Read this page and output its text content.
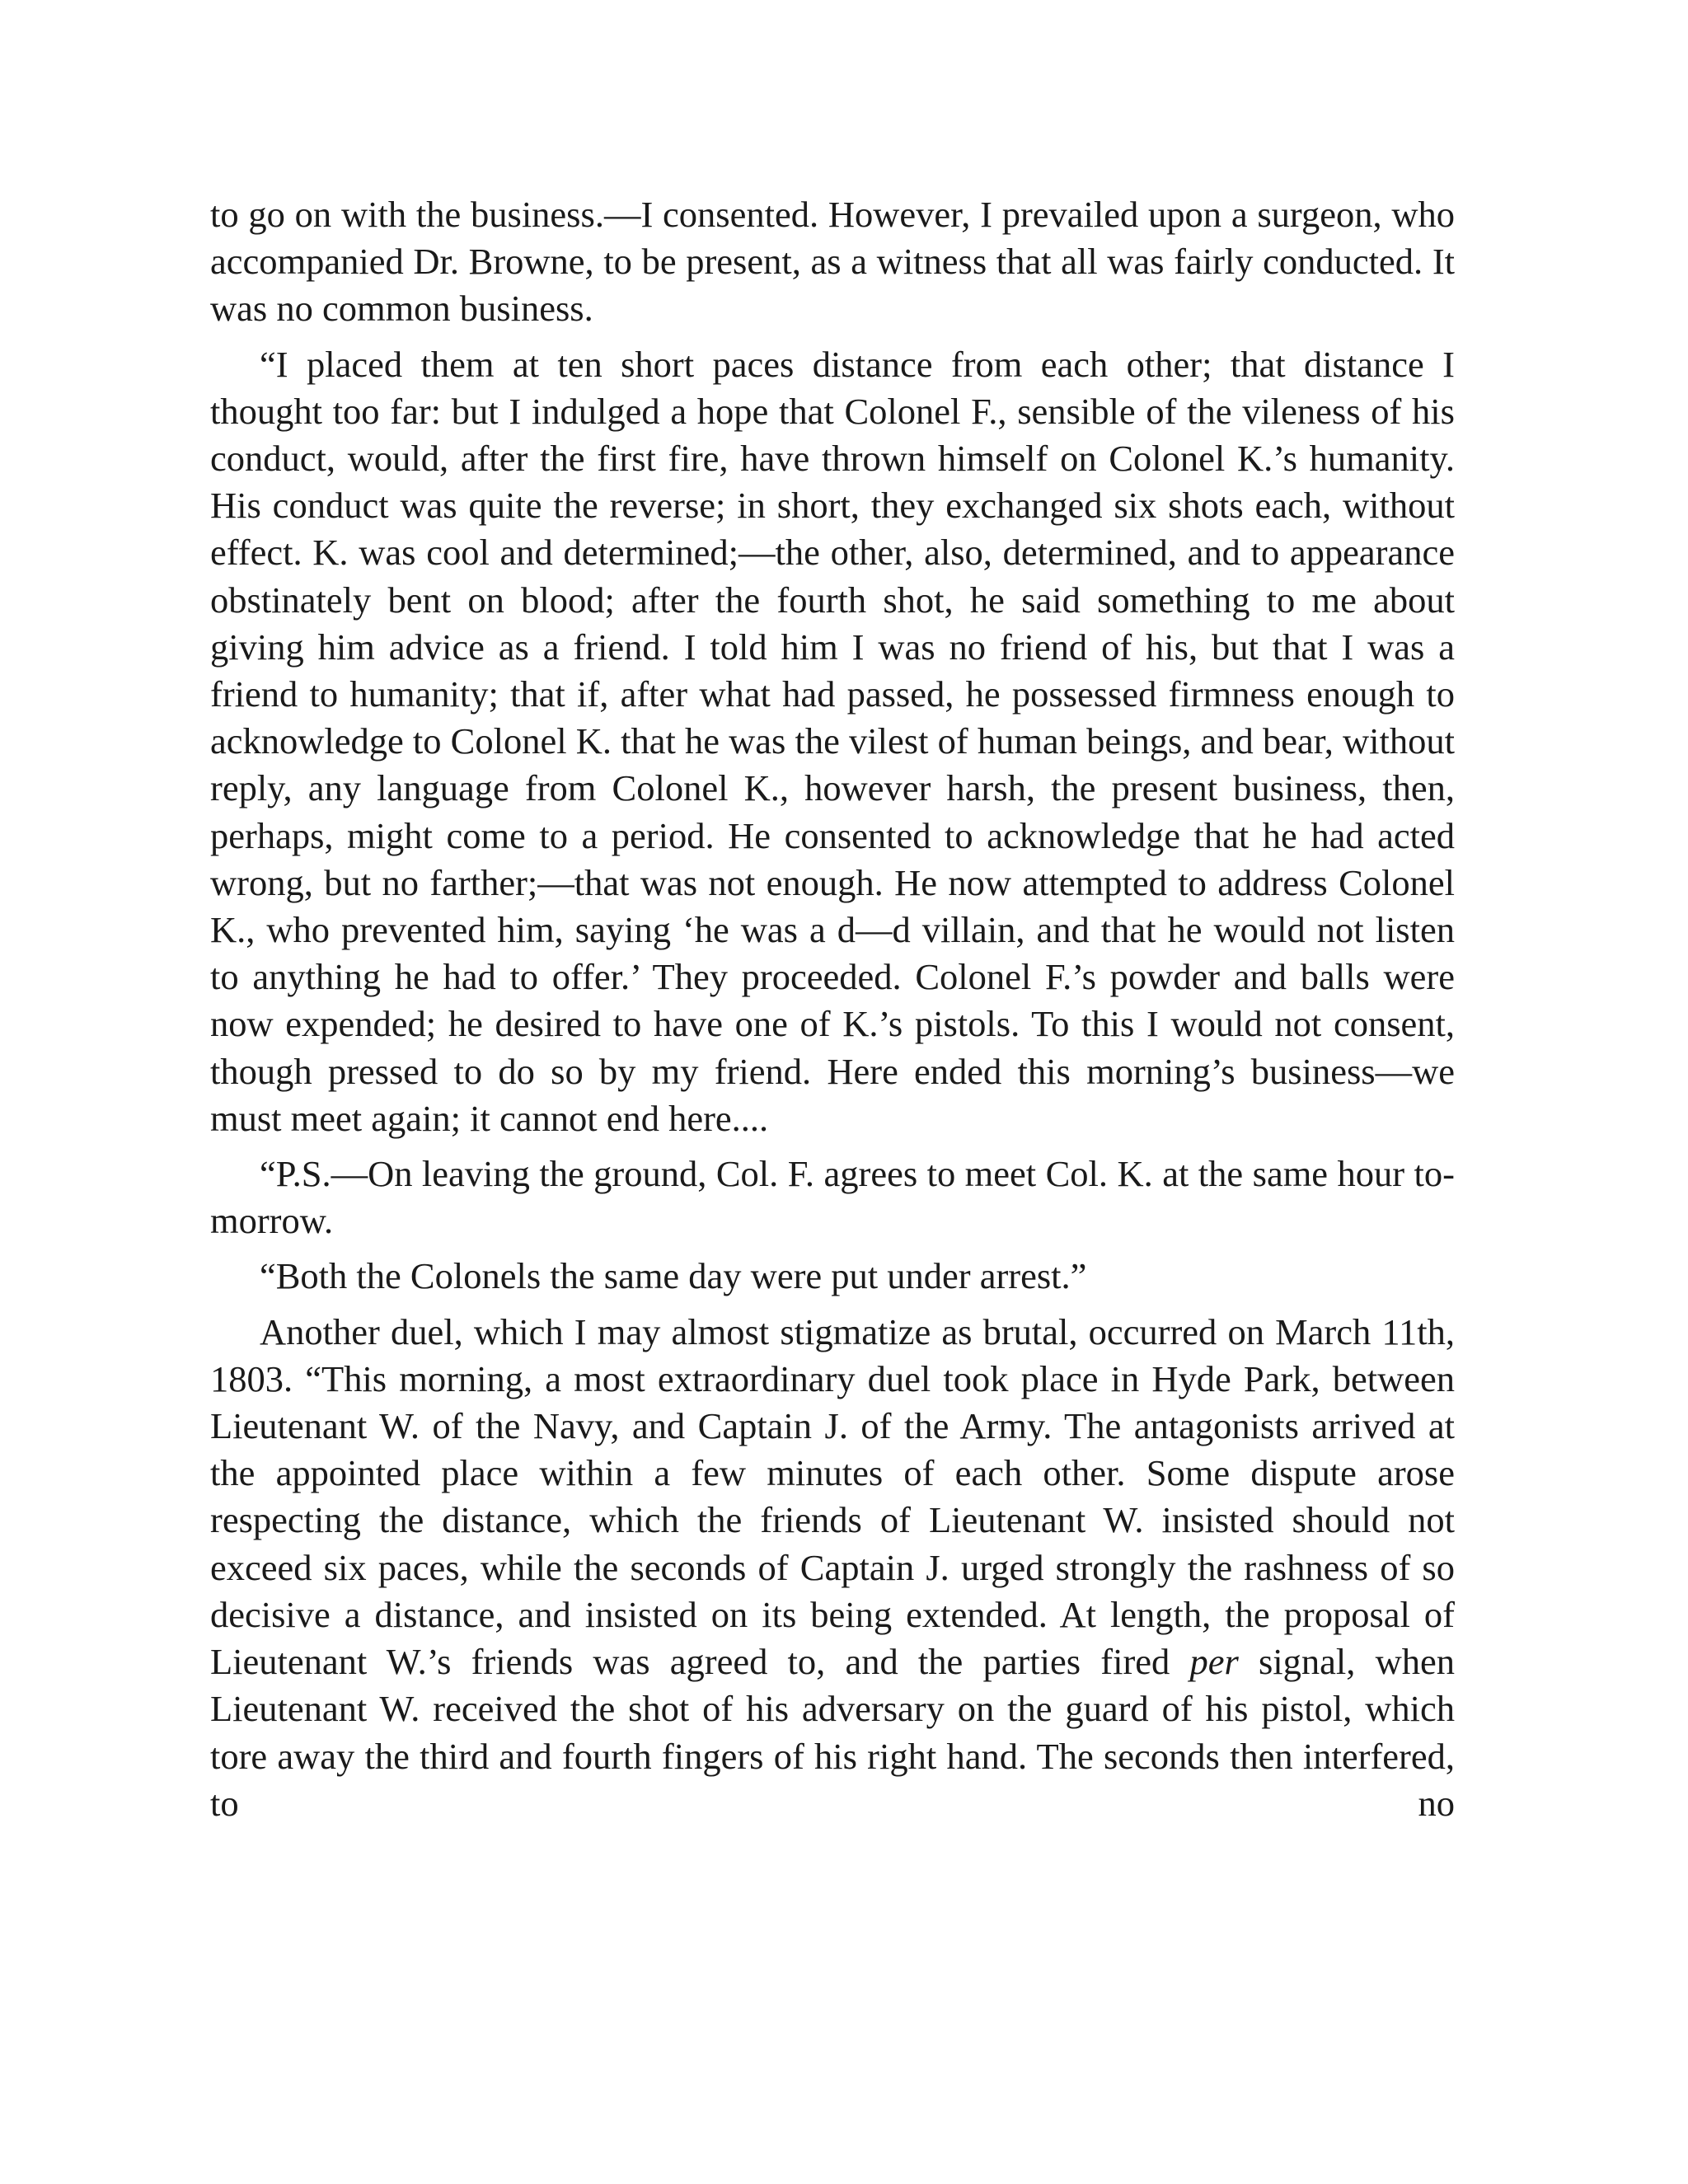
to go on with the business.—I consented. However, I prevailed upon a surgeon, who accompanied Dr. Browne, to be present, as a witness that all was fairly conducted. It was no common business.

“I placed them at ten short paces distance from each other; that distance I thought too far: but I indulged a hope that Colonel F., sensible of the vileness of his conduct, would, after the first fire, have thrown himself on Colonel K.’s humanity. His conduct was quite the reverse; in short, they exchanged six shots each, without effect. K. was cool and determined;—the other, also, determined, and to appearance obstinately bent on blood; after the fourth shot, he said something to me about giving him advice as a friend. I told him I was no friend of his, but that I was a friend to humanity; that if, after what had passed, he possessed firmness enough to acknowledge to Colonel K. that he was the vilest of human beings, and bear, without reply, any language from Colonel K., however harsh, the present business, then, perhaps, might come to a period. He consented to acknowledge that he had acted wrong, but no farther;—that was not enough. He now attempted to address Colonel K., who prevented him, saying ‘he was a d—d villain, and that he would not listen to anything he had to offer.’ They proceeded. Colonel F.’s powder and balls were now expended; he desired to have one of K.’s pistols. To this I would not consent, though pressed to do so by my friend. Here ended this morning’s business—we must meet again; it cannot end here....

“P.S.—On leaving the ground, Col. F. agrees to meet Col. K. at the same hour to-morrow.

“Both the Colonels the same day were put under arrest.”

Another duel, which I may almost stigmatize as brutal, occurred on March 11th, 1803. “This morning, a most extraordinary duel took place in Hyde Park, between Lieutenant W. of the Navy, and Captain J. of the Army. The antagonists arrived at the appointed place within a few minutes of each other. Some dispute arose respecting the distance, which the friends of Lieutenant W. insisted should not exceed six paces, while the seconds of Captain J. urged strongly the rashness of so decisive a distance, and insisted on its being extended. At length, the proposal of Lieutenant W.’s friends was agreed to, and the parties fired per signal, when Lieutenant W. received the shot of his adversary on the guard of his pistol, which tore away the third and fourth fingers of his right hand. The seconds then interfered, to no
